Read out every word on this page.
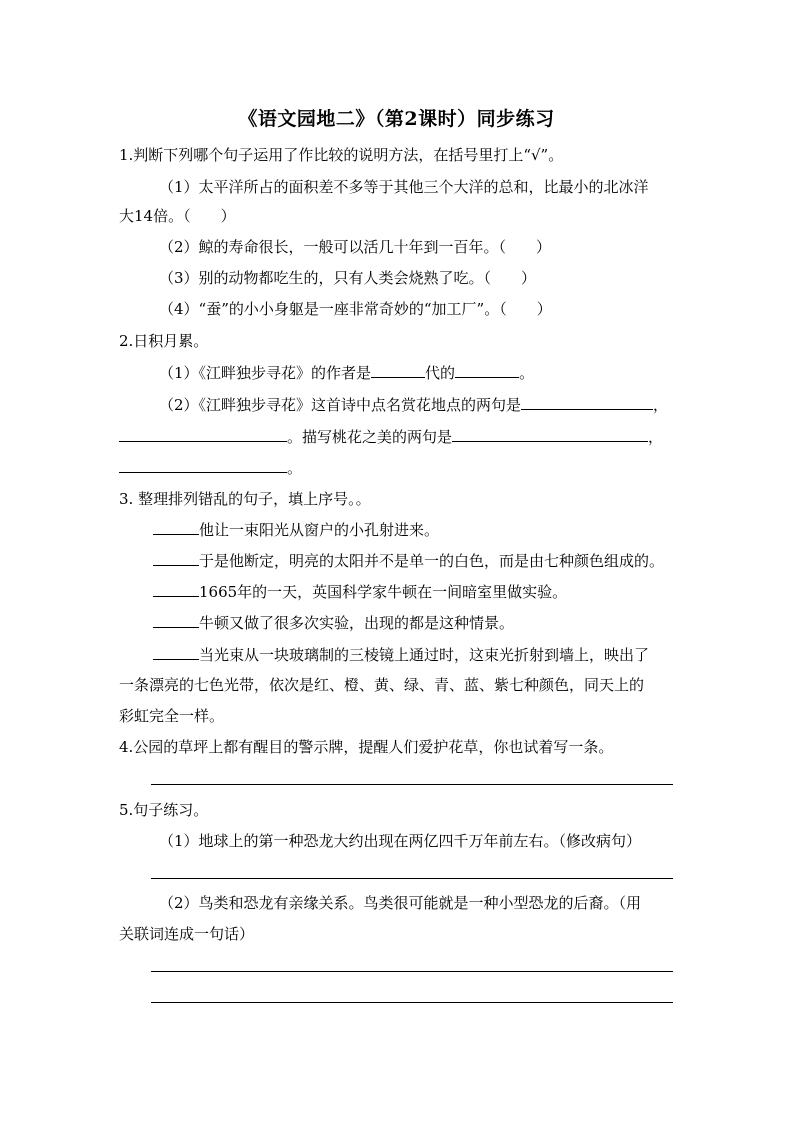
《语文园地二》（第2课时）同步练习
1.判断下列哪个句子运用了作比较的说明方法，在括号里打上“√”。
（1）太平洋所占的面积差不多等于其他三个大洋的总和，比最小的北冰洋
大14倍。（　　）
（2）鲸的寿命很长，一般可以活几十年到一百年。（　　）
（3）别的动物都吃生的，只有人类会烧熟了吃。（　　）
（4）“蚕”的小小身躯是一座非常奇妙的“加工厂”。（　　）
2.日积月累。
（1）《江畔独步寻花》的作者是	代的	。
（2）《江畔独步寻花》这首诗中点名赏花地点的两句是	，
。描写桃花之美的两句是	，
。
3. 整理排列错乱的句子，填上序号。。
他让一束阳光从窗户的小孔射进来。
于是他断定，明亮的太阳并不是单一的白色，而是由七种颜色组成的。
1665年的一天，英国科学家牛顿在一间暗室里做实验。
牛顿又做了很多次实验，出现的都是这种情景。
当光束从一块玻璃制的三棱镜上通过时，这束光折射到墙上，映出了
一条漂亮的七色光带，依次是红、橙、黄、绿、青、蓝、紫七种颜色，同天上的
彩虹完全一样。
4.公园的草坪上都有醒目的警示牌，提醒人们爱护花草，你也试着写一条。
5.句子练习。
（1）地球上的第一种恐龙大约出现在两亿四千万年前左右。（修改病句）
（2）鸟类和恐龙有亲缘关系。鸟类很可能就是一种小型恐龙的后裔。（用
关联词连成一句话）
